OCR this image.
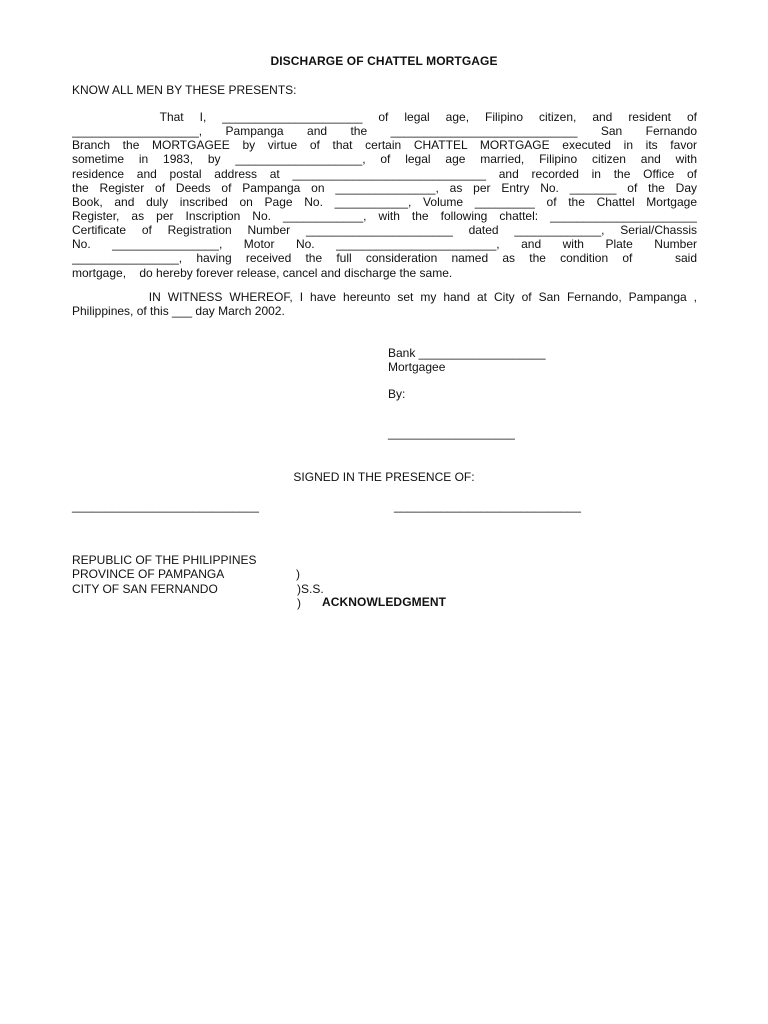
DISCHARGE OF CHATTEL MORTGAGE
KNOW ALL MEN BY THESE PRESENTS:
That  I,  _____________________  of  legal  age,  Filipino  citizen,  and  resident  of
___________________,  Pampanga  and  the  ____________________________  San  Fernando
Branch the MORTGAGEE by virtue of that certain CHATTEL MORTGAGE executed in its favor
sometime in 1983, by ___________________, of legal age married, Filipino citizen and with
residence and postal address at _____________________________ and recorded in the Office of
the Register of Deeds of Pampanga on _______________, as per Entry No. _______ of the Day
Book, and duly inscribed on Page No. ___________, Volume _________ of the Chattel Mortgage
Register, as per Inscription No. ____________, with the following chattel: ______________________
Certificate of Registration Number ______________________ dated _____________, Serial/Chassis
No.  ________________,  Motor  No.  ________________________,  and  with  Plate  Number
________________,  having  received  the  full  consideration  named  as  the  condition  of      said
mortgage,    do hereby forever release, cancel and discharge the same.
IN WITNESS WHEREOF, I have hereunto set my hand at City of San Fernando, Pampanga ,
Philippines, of this ___ day March 2002.
Bank ___________________
Mortgagee
By:
___________________
SIGNED IN THE PRESENCE OF:
____________________________	____________________________

REPUBLIC OF THE PHILIPPINES

)

PROVINCE OF PAMPANGA

)S.S.

CITY OF SAN FERNANDO

)

	ACKNOWLEDGMENT
